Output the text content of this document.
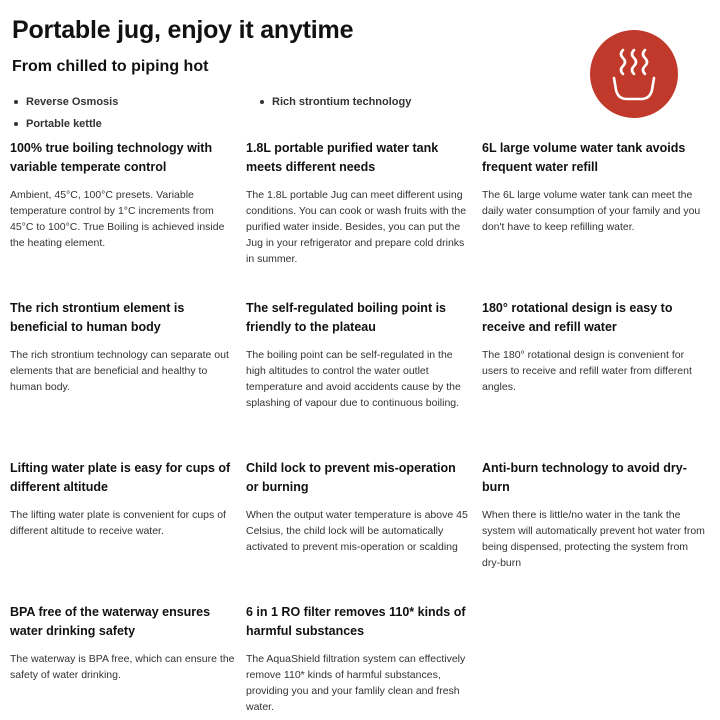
Portable jug, enjoy it anytime
From chilled to piping hot
Reverse Osmosis	Rich strontium technology
Portable kettle
100% true boiling technology with variable temperate control

Ambient, 45°C, 100°C presets. Variable temperature control by 1°C increments from 45°C to 100°C. True Boiling is achieved inside the heating element.

1.8L portable purified water tank meets different needs

The 1.8L portable Jug can meet different using conditions. You can cook or wash fruits with the purified water inside. Besides, you can put the Jug in your refrigerator and prepare cold drinks in summer.

6L large volume water tank avoids frequent water refill

The 6L large volume water tank can meet the daily water consumption of your family and you don't have to keep refilling water.

The rich strontium element is beneficial to human body

The rich strontium technology can separate out elements that are beneficial and healthy to human body.

The self-regulated boiling point is friendly to the plateau

The boiling point can be self-regulated in the high altitudes to control the water outlet temperature and avoid accidents cause by the splashing of vapour due to continuous boiling.

180° rotational design is easy to receive and refill water

The 180° rotational design is convenient for users to receive and refill water from different angles.

Lifting water plate is easy for cups of different altitude

The lifting water plate is convenient for cups of different altitude to receive water.

Child lock to prevent mis-operation or burning

When the output water temperature is above 45 Celsius, the child lock will be automatically activated to prevent mis-operation or scalding

Anti-burn technology to avoid dry-burn

When there is little/no water in the tank the system will automatically prevent hot water from being dispensed, protecting the system from dry-burn

BPA free of the waterway ensures water drinking safety

The waterway is BPA free, which can ensure the safety of water drinking.

6 in 1 RO filter removes 110* kinds of harmful substances

The AquaShield filtration system can effectively remove 110* kinds of harmful substances, providing you and your famlily clean and fresh water.
